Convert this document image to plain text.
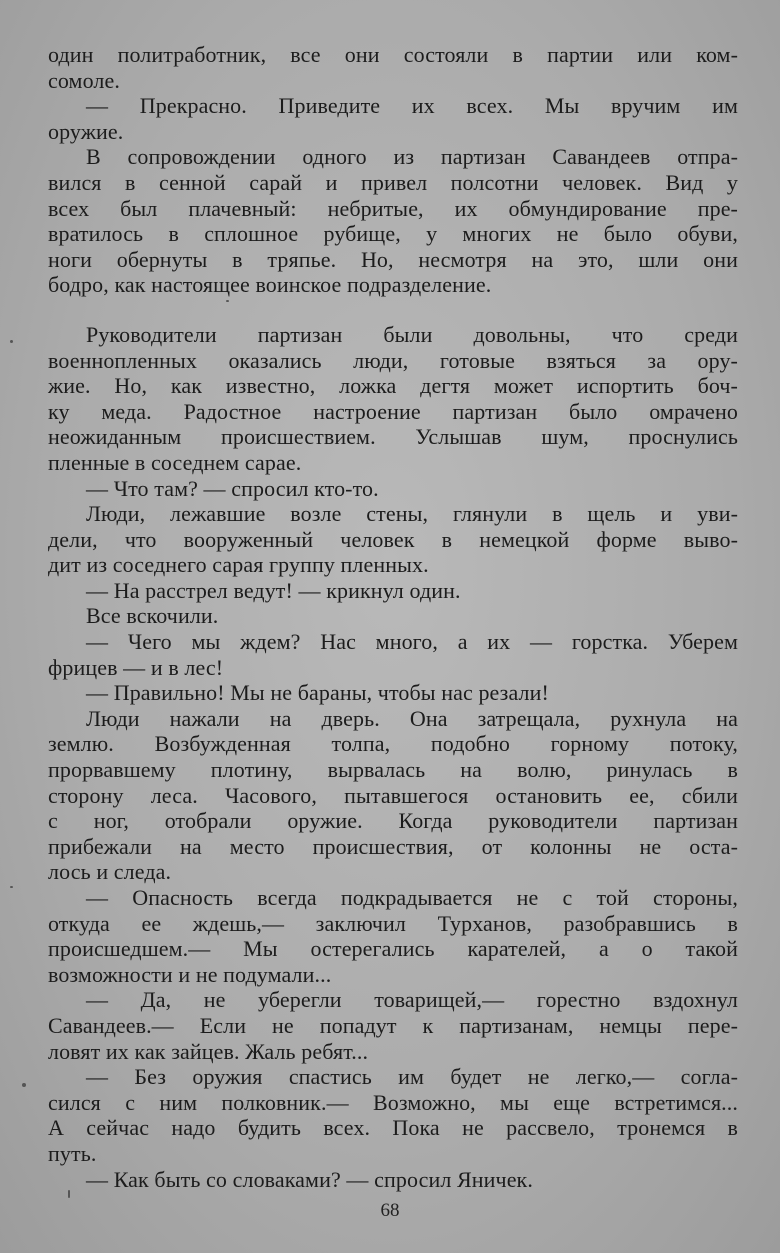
один политработник, все они состояли в партии или ком-
сомоле.
— Прекрасно. Приведите их всех. Мы вручим им
оружие.
В сопровождении одного из партизан Савандеев отпра-
вился в сенной сарай и привел полсотни человек. Вид у
всех был плачевный: небритые, их обмундирование пре-
вратилось в сплошное рубище, у многих не было обуви,
ноги обернуты в тряпье. Но, несмотря на это, шли они
бодро, как настоящее воинское подразделение.
Руководители партизан были довольны, что среди
военнопленных оказались люди, готовые взяться за ору-
жие. Но, как известно, ложка дегтя может испортить боч-
ку меда. Радостное настроение партизан было омрачено
неожиданным происшествием. Услышав шум, проснулись
пленные в соседнем сарае.
— Что там? — спросил кто-то.
Люди, лежавшие возле стены, глянули в щель и уви-
дели, что вооруженный человек в немецкой форме выво-
дит из соседнего сарая группу пленных.
— На расстрел ведут! — крикнул один.
Все вскочили.
— Чего мы ждем? Нас много, а их — горстка. Уберем
фрицев — и в лес!
— Правильно! Мы не бараны, чтобы нас резали!
Люди нажали на дверь. Она затрещала, рухнула на
землю. Возбужденная толпа, подобно горному потоку,
прорвавшему плотину, вырвалась на волю, ринулась в
сторону леса. Часового, пытавшегося остановить ее, сбили
с ног, отобрали оружие. Когда руководители партизан
прибежали на место происшествия, от колонны не оста-
лось и следа.
— Опасность всегда подкрадывается не с той стороны,
откуда ее ждешь,— заключил Турханов, разобравшись в
происшедшем.— Мы остерегались карателей, а о такой
возможности и не подумали...
— Да, не уберегли товарищей,— горестно вздохнул
Савандеев.— Если не попадут к партизанам, немцы пере-
ловят их как зайцев. Жаль ребят...
— Без оружия спастись им будет не легко,— согла-
сился с ним полковник.— Возможно, мы еще встретимся...
А сейчас надо будить всех. Пока не рассвело, тронемся в
путь.
— Как быть со словаками? — спросил Яничек.
68
